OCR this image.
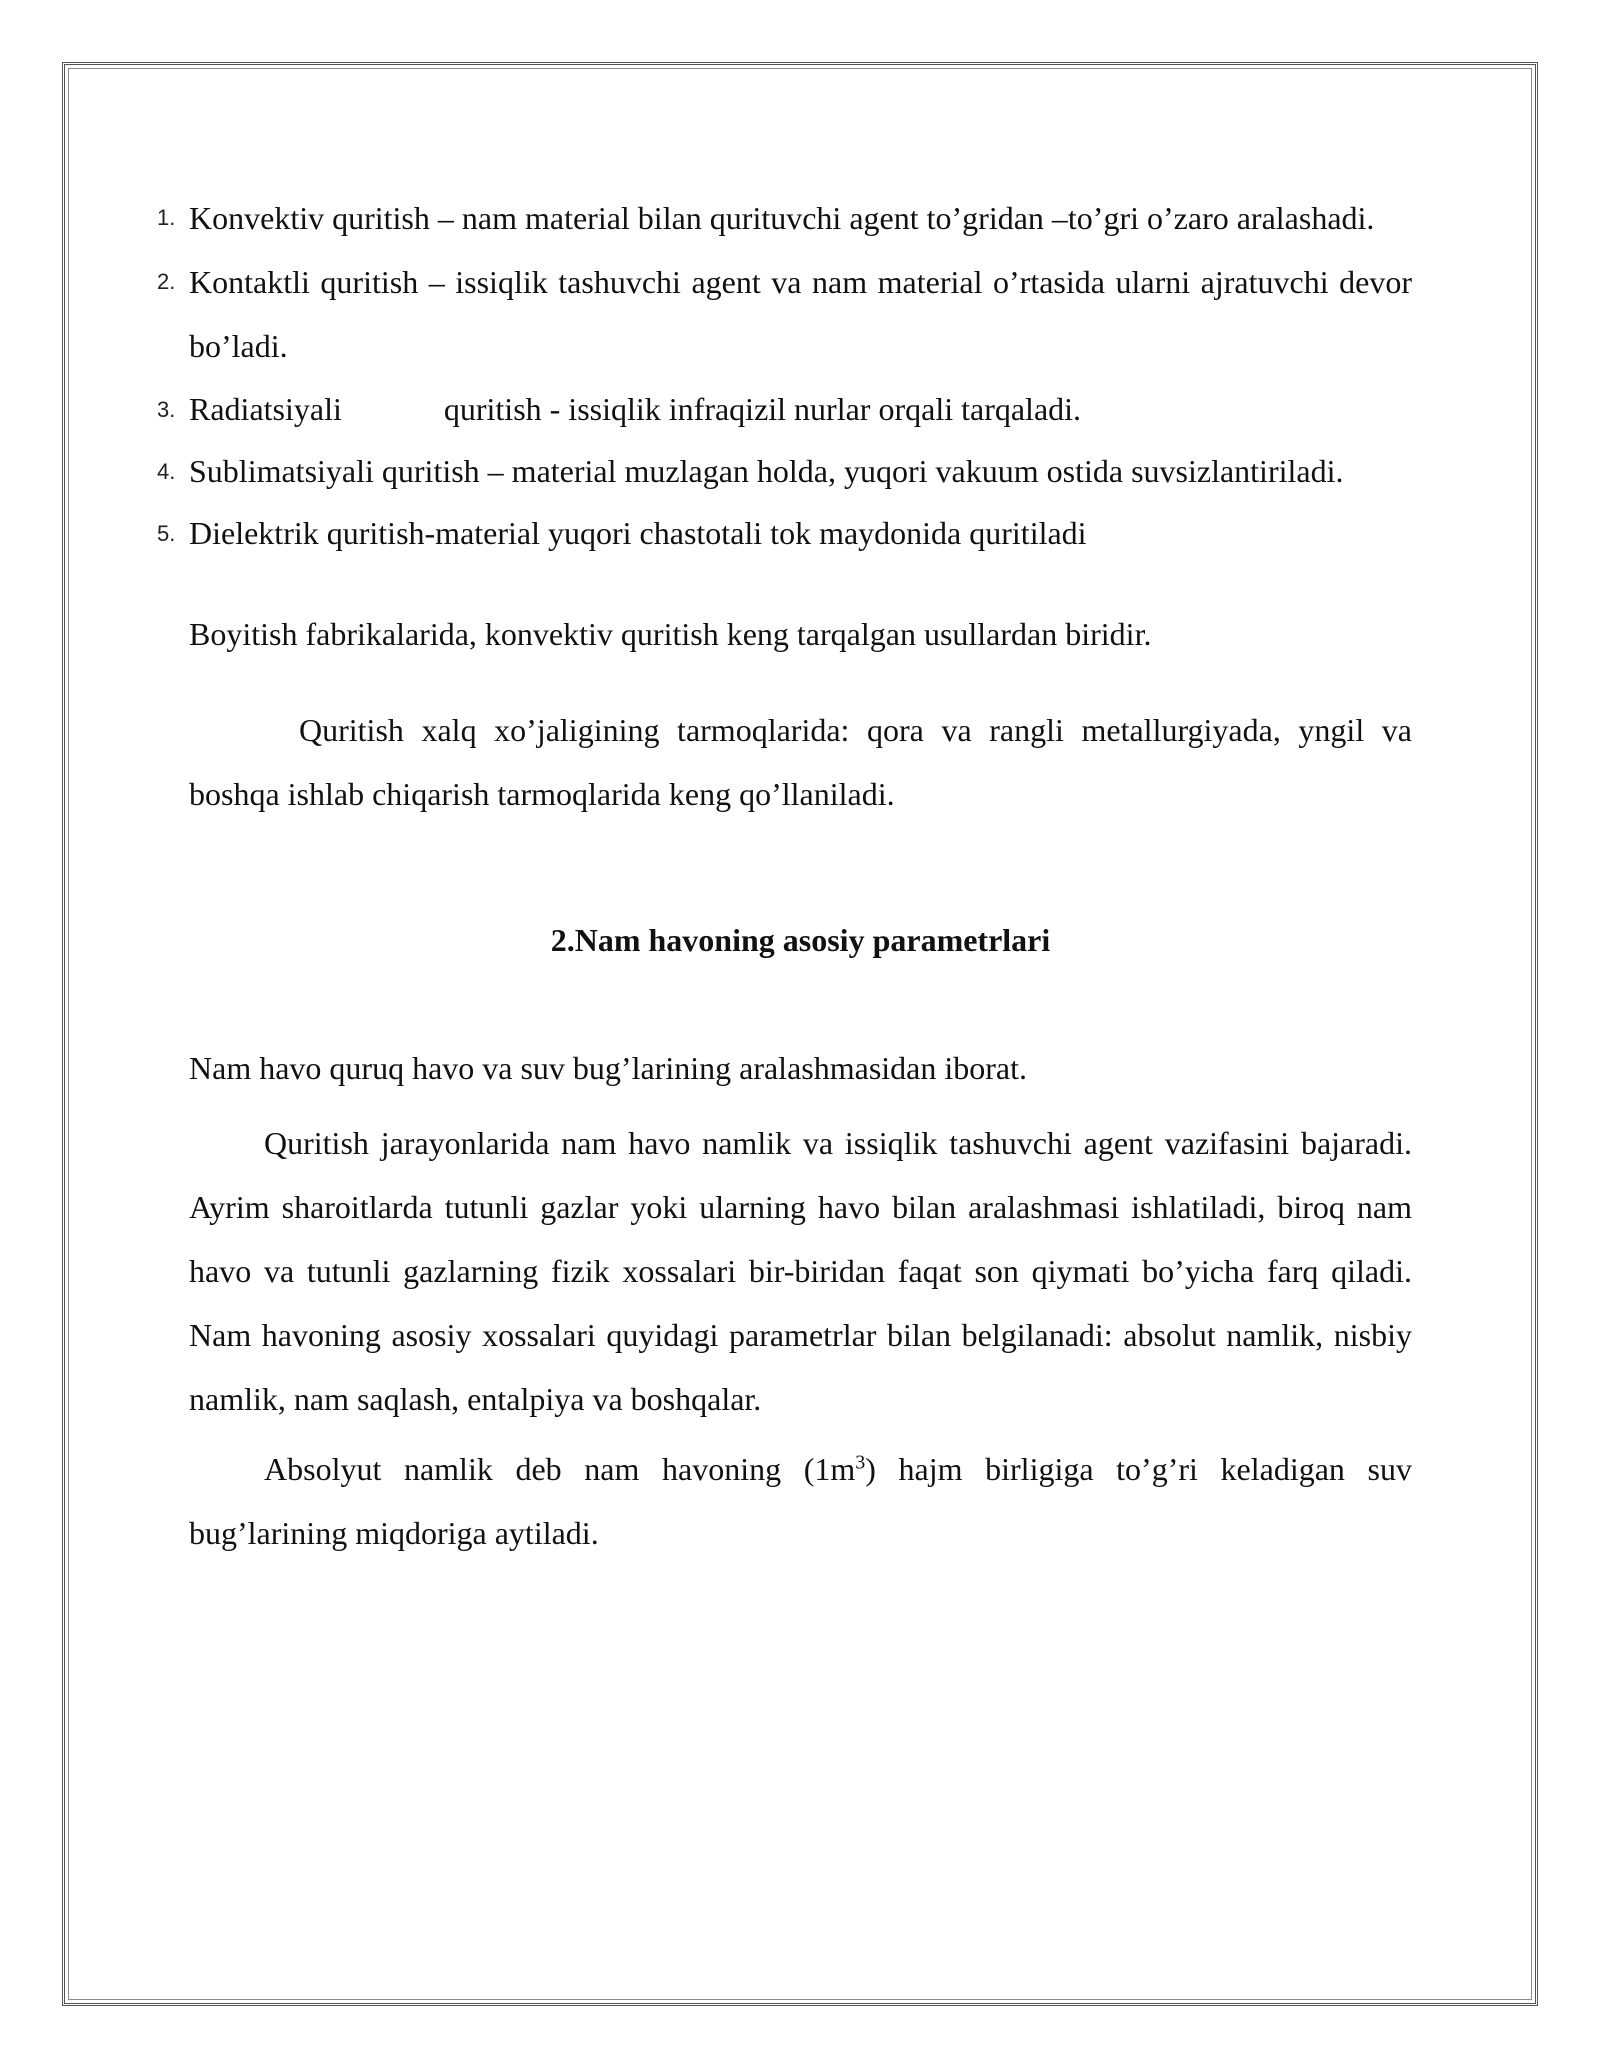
1. Konvektiv quritish – nam material bilan qurituvchi agent to’gridan –to’gri o’zaro aralashadi.
2. Kontaktli quritish – issiqlik tashuvchi agent va nam material o’rtasida ularni ajratuvchi devor bo’ladi.
3. Radiatsiyali	quritish - issiqlik infraqizil nurlar orqali tarqaladi.
4. Sublimatsiyali quritish – material muzlagan holda, yuqori vakuum ostida suvsizlantiriladi.
5. Dielektrik quritish-material yuqori chastotali tok maydonida quritiladi

Boyitish fabrikalarida, konvektiv quritish keng tarqalgan usullardan biridir.

Quritish xalq xo’jaligining tarmoqlarida: qora va rangli metallurgiyada, yngil va boshqa ishlab chiqarish tarmoqlarida keng qo’llaniladi.

2.Nam havoning asosiy parametrlari

Nam havo quruq havo va suv bug’larining aralashmasidan iborat.

Quritish jarayonlarida nam havo namlik va issiqlik tashuvchi agent vazifasini bajaradi. Ayrim sharoitlarda tutunli gazlar yoki ularning havo bilan aralashmasi ishlatiladi, biroq nam havo va tutunli gazlarning fizik xossalari bir-biridan faqat son qiymati bo’yicha farq qiladi. Nam havoning asosiy xossalari quyidagi parametrlar bilan belgilanadi: absolut namlik, nisbiy namlik, nam saqlash, entalpiya va boshqalar.

Absolyut namlik deb nam havoning $(1m^3)$ hajm birligiga to’g’ri keladigan suv bug’larining miqdoriga aytiladi.
